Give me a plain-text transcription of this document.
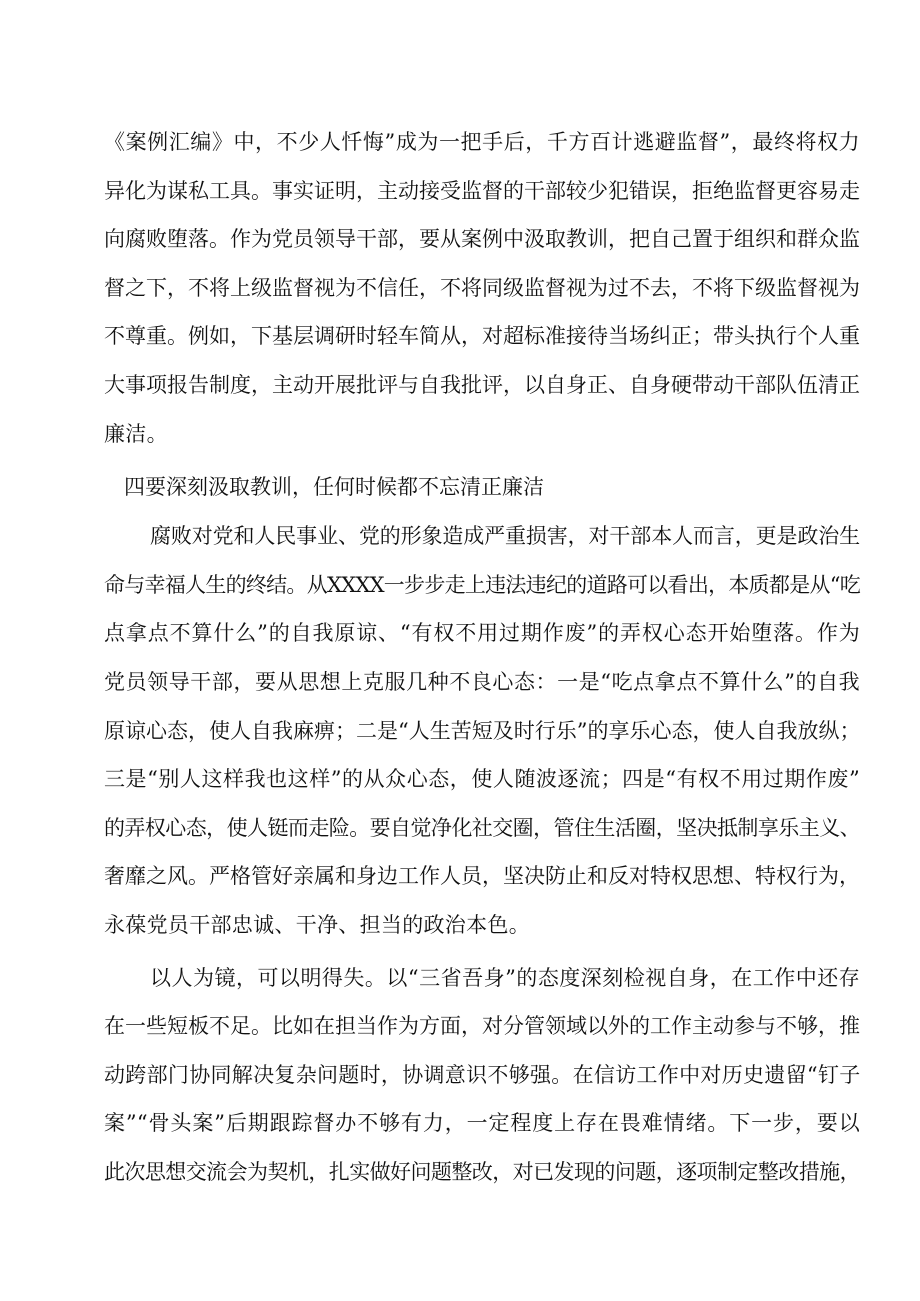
《案例汇编》中，不少人忏悔”成为一把手后，千方百计逃避监督”，最终将权力
异化为谋私工具。事实证明，主动接受监督的干部较少犯错误，拒绝监督更容易走
向腐败堕落。作为党员领导干部，要从案例中汲取教训，把自己置于组织和群众监
督之下，不将上级监督视为不信任，不将同级监督视为过不去，不将下级监督视为
不尊重。例如，下基层调研时轻车简从，对超标准接待当场纠正；带头执行个人重
大事项报告制度，主动开展批评与自我批评，以自身正、自身硬带动干部队伍清正
廉洁。
四要深刻汲取教训，任何时候都不忘清正廉洁
腐败对党和人民事业、党的形象造成严重损害，对干部本人而言，更是政治生
命与幸福人生的终结。从XXXX一步步走上违法违纪的道路可以看出，本质都是从“吃
点拿点不算什么”的自我原谅、“有权不用过期作废”的弄权心态开始堕落。作为
党员领导干部，要从思想上克服几种不良心态：一是“吃点拿点不算什么”的自我
原谅心态，使人自我麻痹；二是“人生苦短及时行乐”的享乐心态，使人自我放纵；
三是“别人这样我也这样”的从众心态，使人随波逐流；四是“有权不用过期作废”
的弄权心态，使人铤而走险。要自觉净化社交圈，管住生活圈，坚决抵制享乐主义、
奢靡之风。严格管好亲属和身边工作人员，坚决防止和反对特权思想、特权行为，
永葆党员干部忠诚、干净、担当的政治本色。
以人为镜，可以明得失。以“三省吾身”的态度深刻检视自身，在工作中还存
在一些短板不足。比如在担当作为方面，对分管领域以外的工作主动参与不够，推
动跨部门协同解决复杂问题时，协调意识不够强。在信访工作中对历史遗留“钉子
案”“骨头案”后期跟踪督办不够有力，一定程度上存在畏难情绪。下一步，要以
此次思想交流会为契机，扎实做好问题整改，对已发现的问题，逐项制定整改措施，
